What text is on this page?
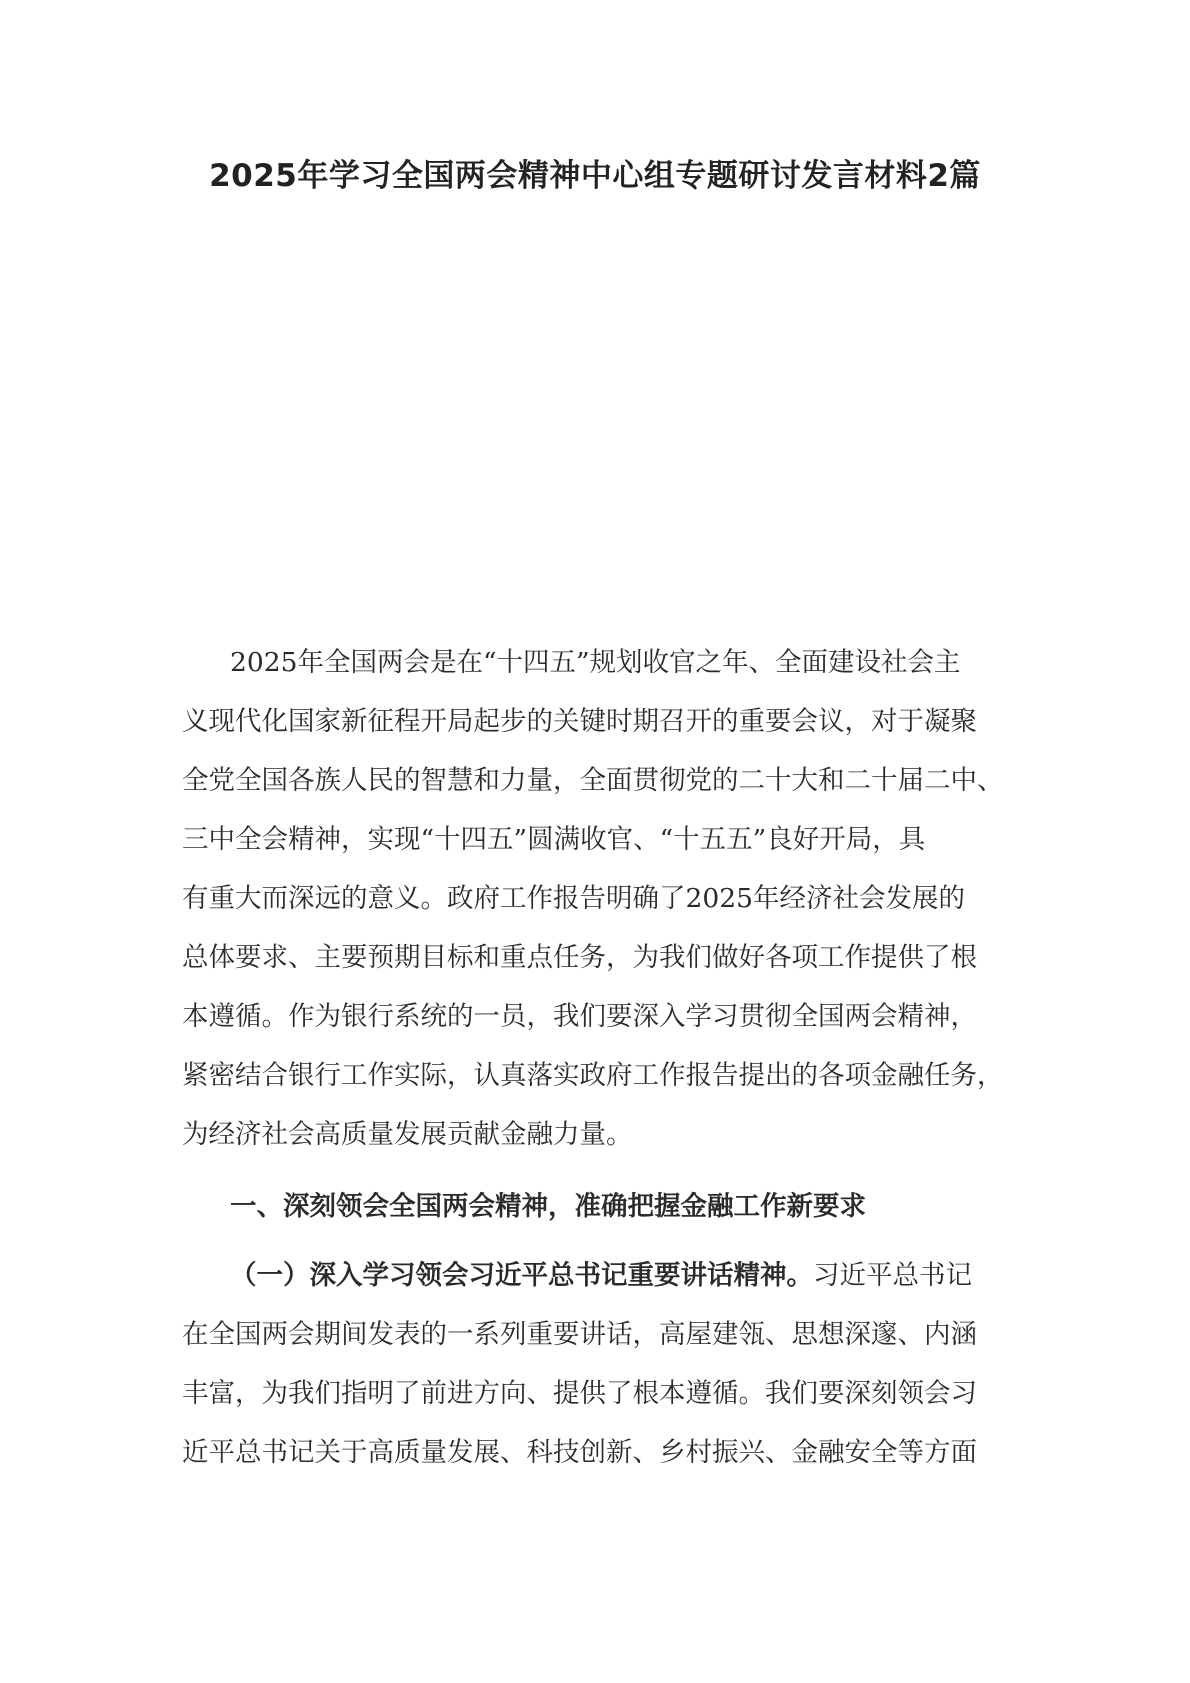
2025年学习全国两会精神中心组专题研讨发言材料2篇
2025年全国两会是在“十四五”规划收官之年、全面建设社会主
义现代化国家新征程开局起步的关键时期召开的重要会议，对于凝聚
全党全国各族人民的智慧和力量，全面贯彻党的二十大和二十届二中、
三中全会精神，实现“十四五”圆满收官、“十五五”良好开局，具
有重大而深远的意义。政府工作报告明确了2025年经济社会发展的
总体要求、主要预期目标和重点任务，为我们做好各项工作提供了根
本遵循。作为银行系统的一员，我们要深入学习贯彻全国两会精神，
紧密结合银行工作实际，认真落实政府工作报告提出的各项金融任务，
为经济社会高质量发展贡献金融力量。
一、深刻领会全国两会精神，准确把握金融工作新要求
（一）深入学习领会习近平总书记重要讲话精神。习近平总书记
在全国两会期间发表的一系列重要讲话，高屋建瓴、思想深邃、内涵
丰富，为我们指明了前进方向、提供了根本遵循。我们要深刻领会习
近平总书记关于高质量发展、科技创新、乡村振兴、金融安全等方面
